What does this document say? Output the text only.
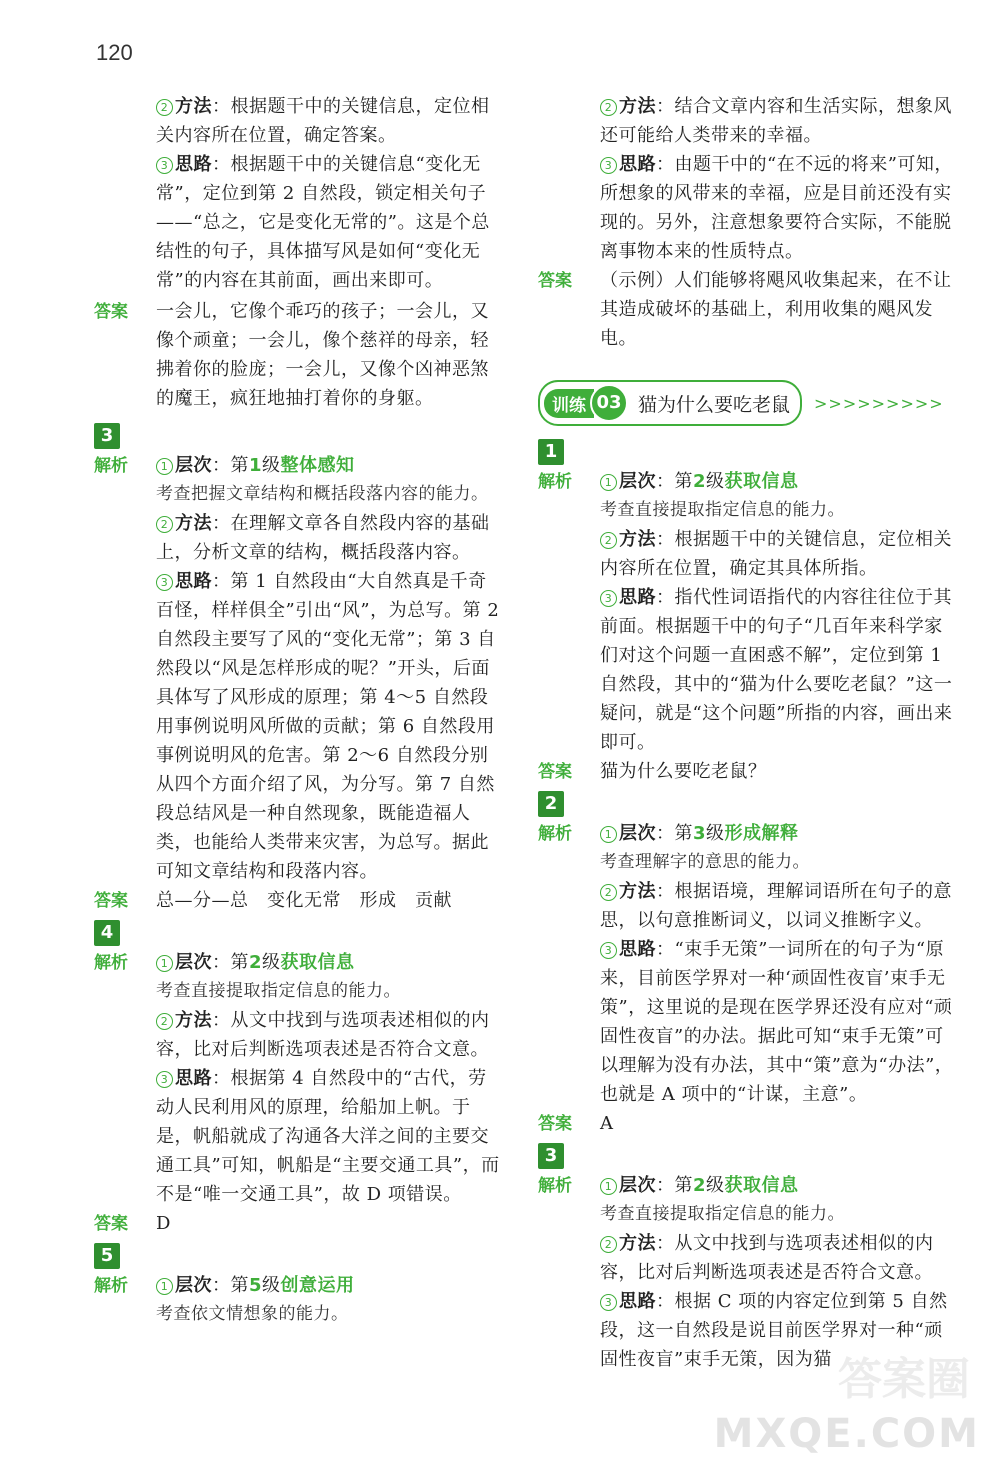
120

2 方法：根据题干中的关键信息，定位相关内容所在位置，确定答案。

3 思路：根据题干中的关键信息“变化无常”，定位到第 2 自然段，锁定相关句子——“总之，它是变化无常的”。这是个总结性的句子，具体描写风是如何“变化无常”的内容在其前面，画出来即可。

答案	一会儿，它像个乖巧的孩子；一会儿，又像个顽童；一会儿，像个慈祥的母亲，轻拂着你的脸庞；一会儿，又像个凶神恶煞的魔王，疯狂地抽打着你的身躯。
3
解析	1 层次：第1级整体感知

考查把握文章结构和概括段落内容的能力。

2 方法：在理解文章各自然段内容的基础上，分析文章的结构，概括段落内容。

3 思路：第 1 自然段由“大自然真是千奇百怪，样样俱全”引出“风”，为总写。第 2 自然段主要写了风的“变化无常”；第 3 自然段以“风是怎样形成的呢？”开头，后面具体写了风形成的原理；第 4～5 自然段用事例说明风所做的贡献；第 6 自然段用事例说明风的危害。第 2～6 自然段分别从四个方面介绍了风，为分写。第 7 自然段总结风是一种自然现象，既能造福人类，也能给人类带来灾害，为总写。据此可知文章结构和段落内容。

答案	总—分—总　变化无常　形成　贡献
4
解析	1 层次：第2级获取信息

考查直接提取指定信息的能力。

2 方法：从文中找到与选项表述相似的内容，比对后判断选项表述是否符合文意。

3 思路：根据第 4 自然段中的“古代，劳动人民利用风的原理，给船加上帆。于是，帆船就成了沟通各大洋之间的主要交通工具”可知，帆船是“主要交通工具”，而不是“唯一交通工具”，故 D 项错误。

答案	D
5
解析	1 层次：第5级创意运用

考查依文情想象的能力。

2 方法：结合文章内容和生活实际，想象风还可能给人类带来的幸福。

3 思路：由题干中的“在不远的将来”可知，所想象的风带来的幸福，应是目前还没有实现的。另外，注意想象要符合实际，不能脱离事物本来的性质特点。

答案	（示例）人们能够将飓风收集起来，在不让其造成破坏的基础上，利用收集的飓风发电。
训练 03 猫为什么要吃老鼠 >>>>>>>>>
1
解析	1 层次：第2级获取信息

考查直接提取指定信息的能力。

2 方法：根据题干中的关键信息，定位相关内容所在位置，确定其具体所指。

3 思路：指代性词语指代的内容往往位于其前面。根据题干中的句子“几百年来科学家们对这个问题一直困惑不解”，定位到第 1 自然段，其中的“猫为什么要吃老鼠？”这一疑问，就是“这个问题”所指的内容，画出来即可。

答案	猫为什么要吃老鼠？
2
解析	1 层次：第3级形成解释

考查理解字的意思的能力。

2 方法：根据语境，理解词语所在句子的意思，以句意推断词义，以词义推断字义。

3 思路：“束手无策”一词所在的句子为“原来，目前医学界对一种‘顽固性夜盲’束手无策”，这里说的是现在医学界还没有应对“顽固性夜盲”的办法。据此可知“束手无策”可以理解为没有办法，其中“策”意为“办法”，也就是 A 项中的“计谋，主意”。

答案	A
3
解析	1 层次：第2级获取信息

考查直接提取指定信息的能力。

2 方法：从文中找到与选项表述相似的内容，比对后判断选项表述是否符合文意。

3 思路：根据 C 项的内容定位到第 5 自然段，这一自然段是说目前医学界对一种“顽固性夜盲”束手无策，因为猫 答案圈
MXQE.COM
